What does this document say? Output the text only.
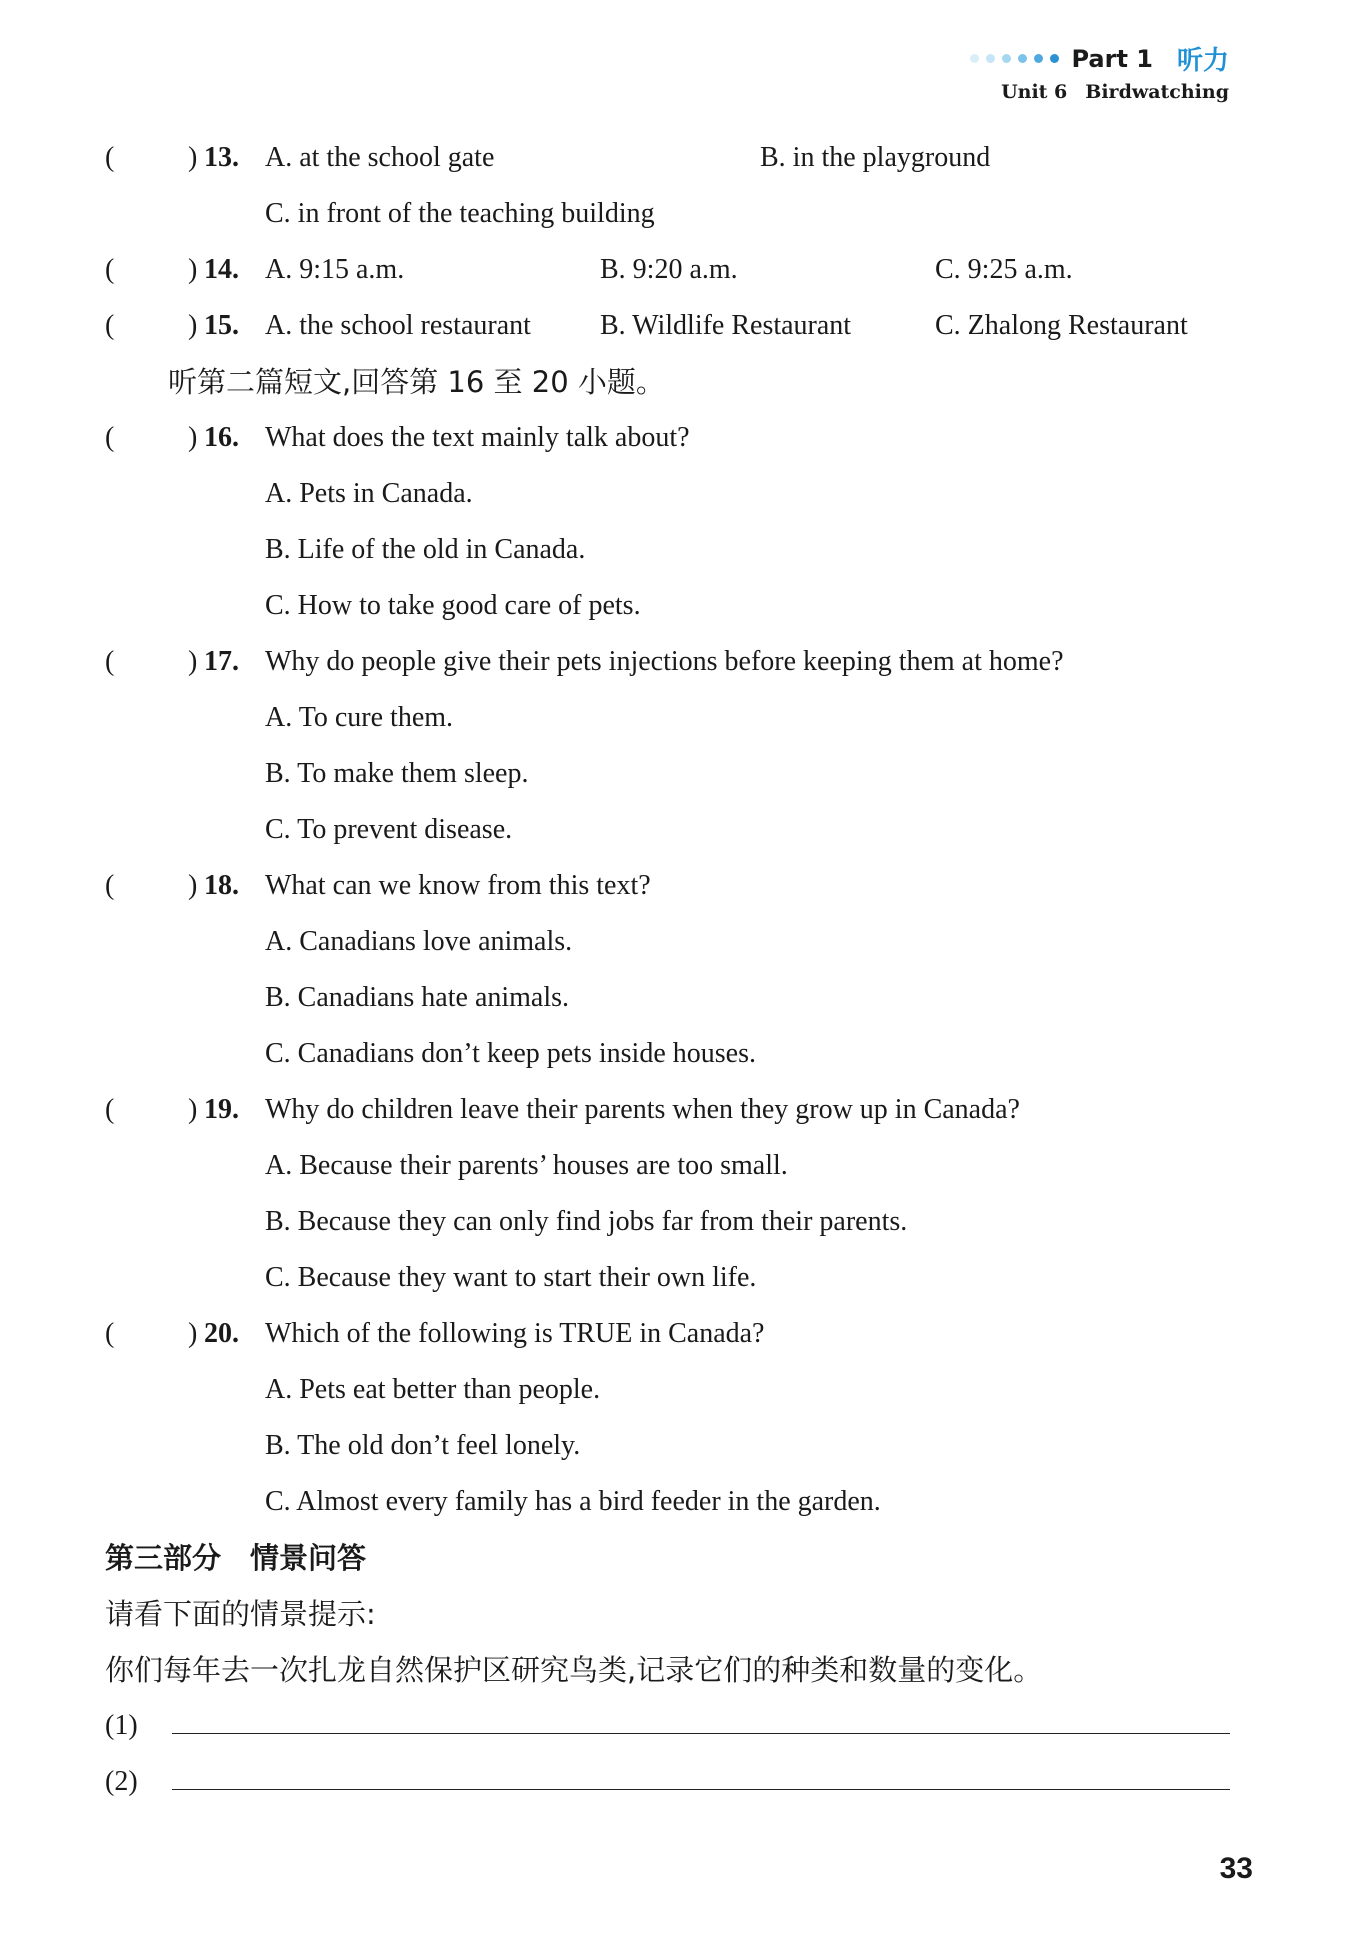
Part 1 听力
Unit 6 Birdwatching
(	) 13. A. at the school gate	B. in the playground
C. in front of the teaching building
(	) 14. A. 9:15 a.m.	B. 9:20 a.m.	C. 9:25 a.m.
(	) 15. A. the school restaurant B. Wildlife Restaurant	C. Zhalong Restaurant
听第二篇短文,回答第 16 至 20 小题。
(	) 16. What does the text mainly talk about?
A. Pets in Canada.
B. Life of the old in Canada.
C. How to take good care of pets.
(	) 17. Why do people give their pets injections before keeping them at home?
A. To cure them.
B. To make them sleep.
C. To prevent disease.
(	) 18. What can we know from this text?
A. Canadians love animals.
B. Canadians hate animals.
C. Canadians don’t keep pets inside houses.
(	) 19. Why do children leave their parents when they grow up in Canada?
A. Because their parents’ houses are too small.
B. Because they can only find jobs far from their parents.
C. Because they want to start their own life.
(	) 20. Which of the following is TRUE in Canada?
A. Pets eat better than people.
B. The old don’t feel lonely.
C. Almost every family has a bird feeder in the garden.
第三部分　情景问答
请看下面的情景提示:
你们每年去一次扎龙自然保护区研究鸟类,记录它们的种类和数量的变化。
(1)
(2)
33
